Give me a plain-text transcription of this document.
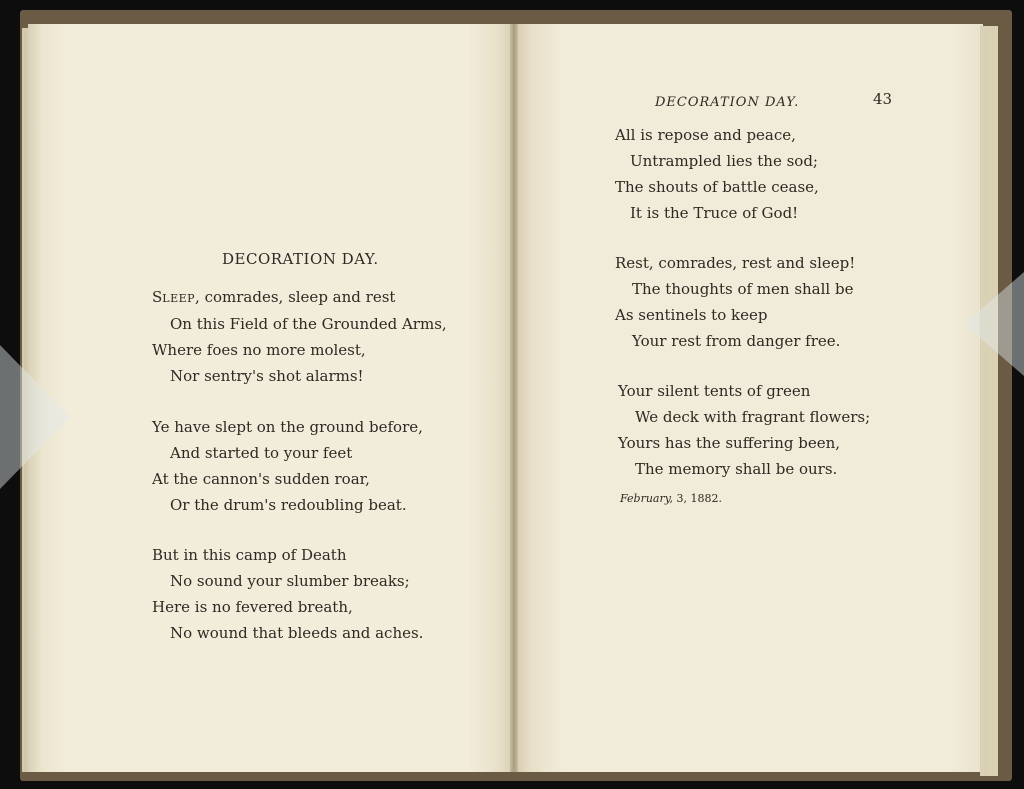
DECORATION DAY.
SLEEP, comrades, sleep and rest
On this Field of the Grounded Arms,
Where foes no more molest,
Nor sentry's shot alarms!
Ye have slept on the ground before,
And started to your feet
At the cannon's sudden roar,
Or the drum's redoubling beat.
But in this camp of Death
No sound your slumber breaks;
Here is no fevered breath,
No wound that bleeds and aches.
DECORATION DAY.	43
All is repose and peace,
Untrampled lies the sod;
The shouts of battle cease,
It is the Truce of God!
Rest, comrades, rest and sleep!
The thoughts of men shall be
As sentinels to keep
Your rest from danger free.
Your silent tents of green
We deck with fragrant flowers;
Yours has the suffering been,
The memory shall be ours.
February, 3, 1882.
